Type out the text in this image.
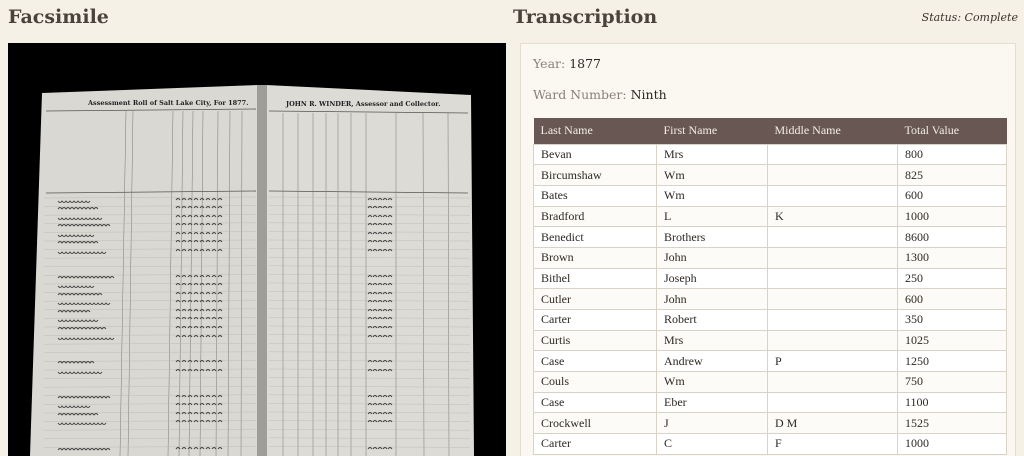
Facsimile	Transcription	Status: Complete
Assessment Roll of Salt Lake City, For 1877.	JOHN R. WINDER, Assessor and Collector.
Year: 1877
Ward Number: Ninth
Last Name	First Name	Middle Name	Total Value
Bevan	Mrs		800
Bircumshaw	Wm		825
Bates	Wm		600
Bradford	L	K	1000
Benedict	Brothers		8600
Brown	John		1300
Bithel	Joseph		250
Cutler	John		600
Carter	Robert		350
Curtis	Mrs		1025
Case	Andrew	P	1250
Couls	Wm		750
Case	Eber		1100
Crockwell	J	D M	1525
Carter	C	F	1000
